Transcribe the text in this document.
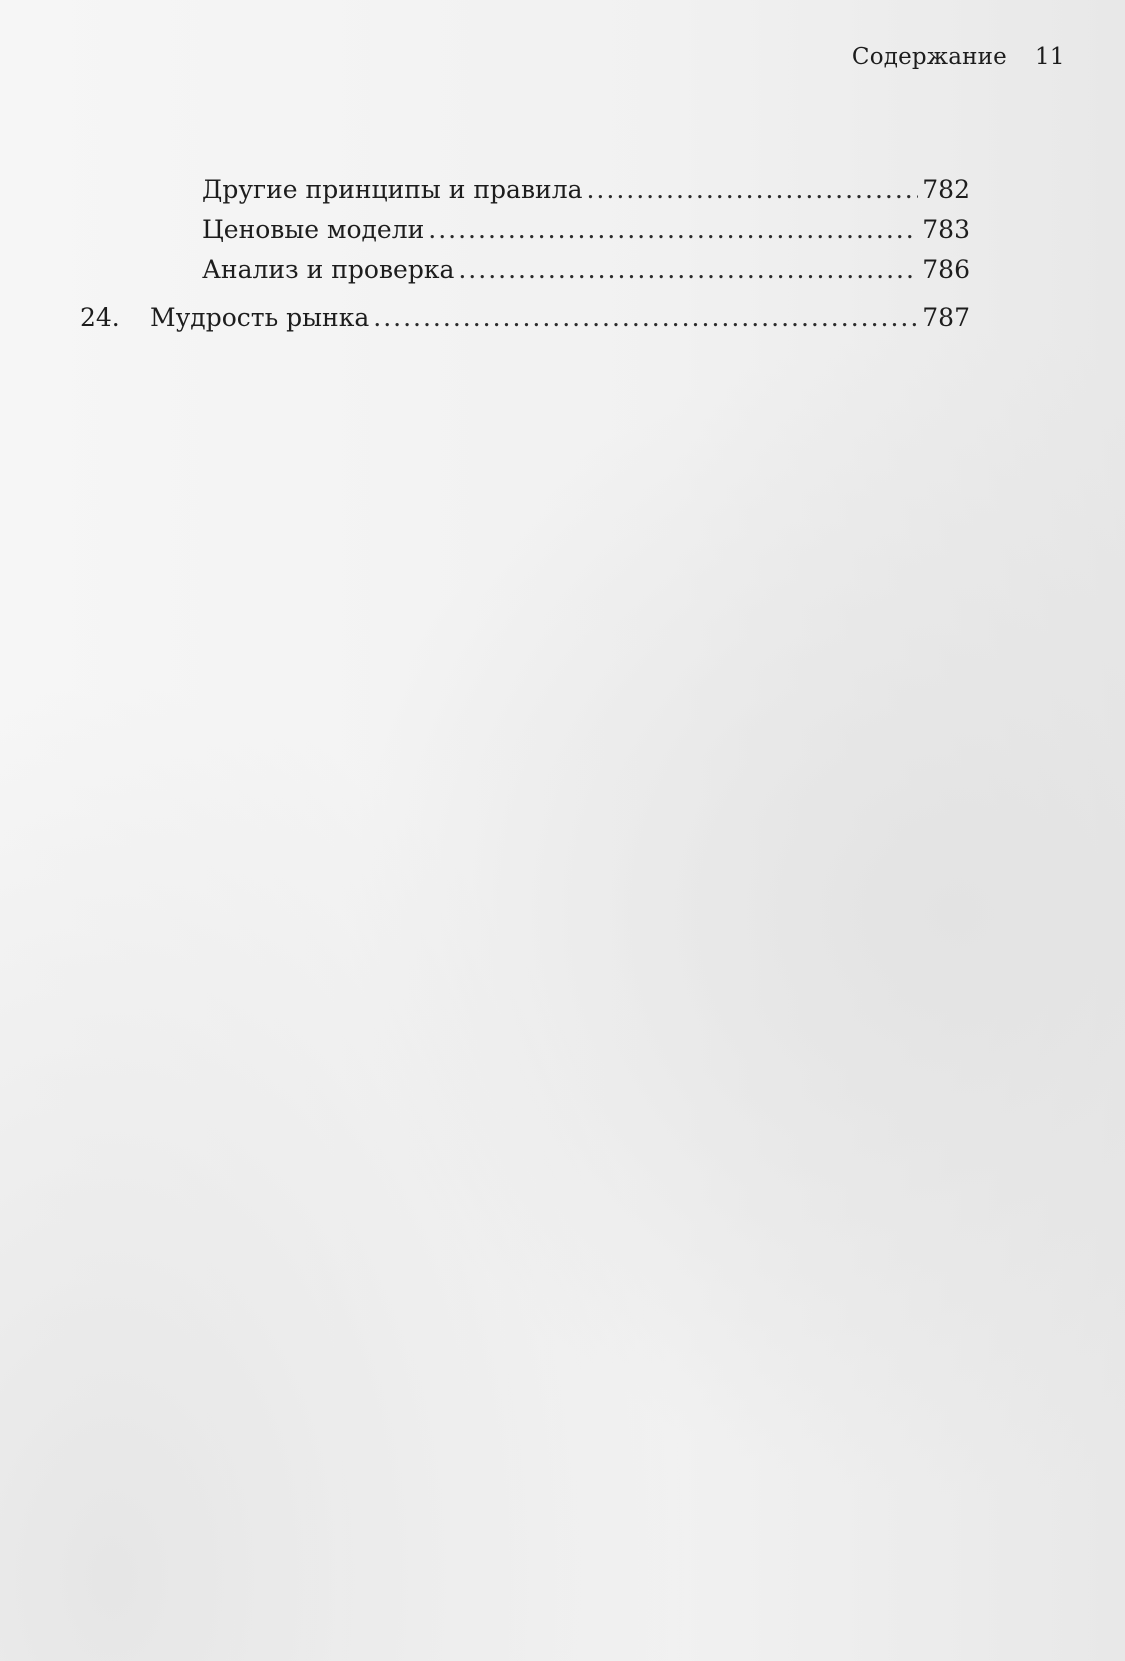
Содержание 11
Другие принципы и правила .....	782
Ценовые модели .....	783
Анализ и проверка .....	786
24.	Мудрость рынка .....	787
